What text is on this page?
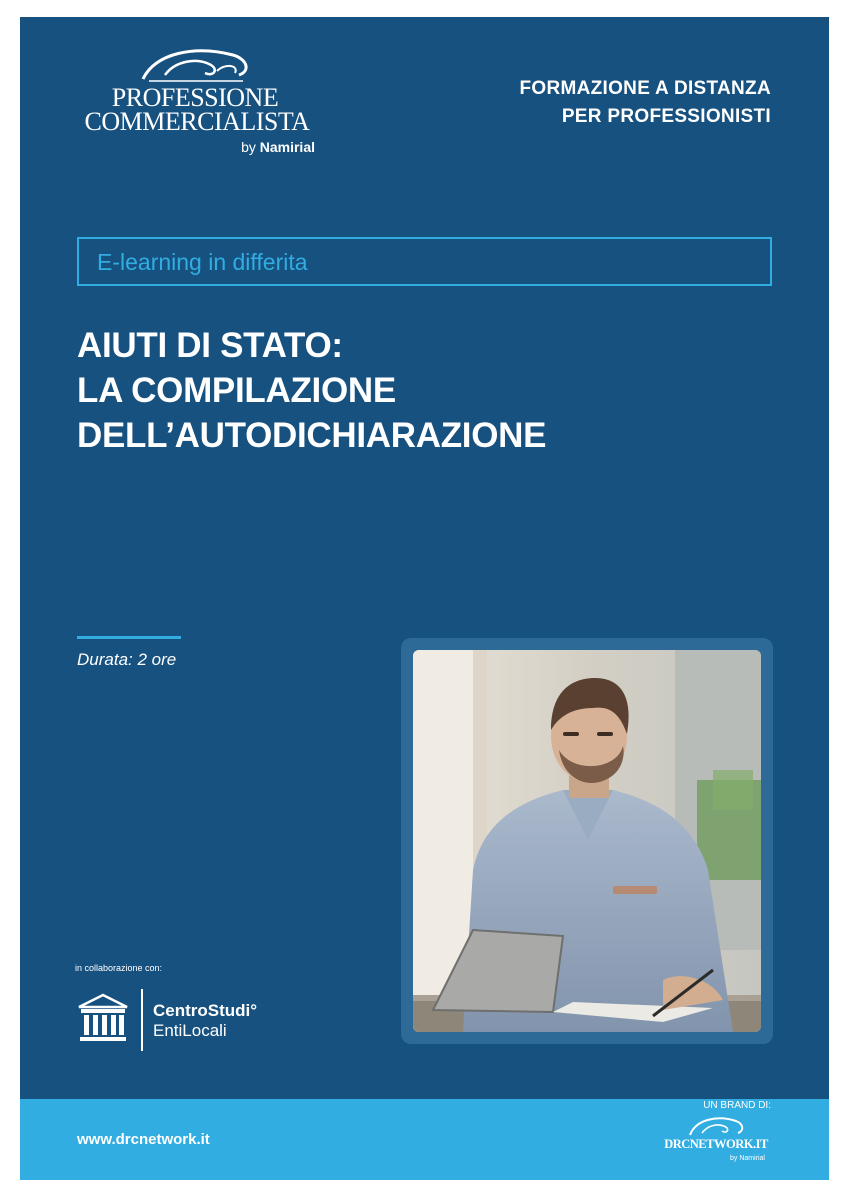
PROFESSIONE
COMMERCIALISTA
by Namirial
FORMAZIONE A DISTANZA
PER PROFESSIONISTI
E-learning in differita
AIUTI DI STATO:
LA COMPILAZIONE
DELL’AUTODICHIARAZIONE
Durata: 2 ore
in collaborazione con:
CentroStudi°
EntiLocali
www.drcnetwork.it
UN BRAND DI:
DRCNETWORK.IT
by Namirial
